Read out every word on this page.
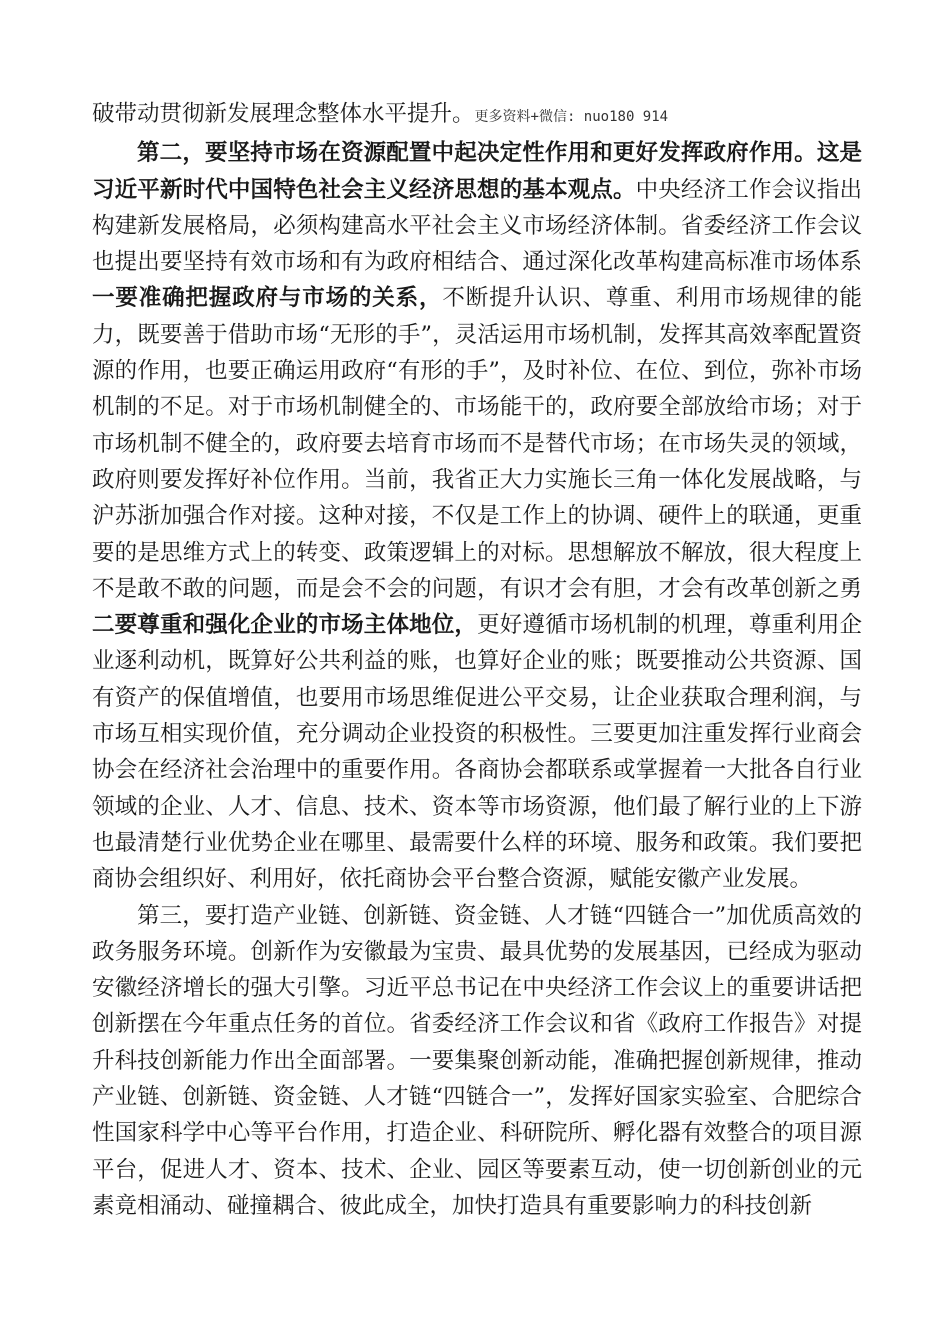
破带动贯彻新发展理念整体水平提升。更多资料+微信: nuo180 914

第二，要坚持市场在资源配置中起决定性作用和更好发挥政府作用。这是习近平新时代中国特色社会主义经济思想的基本观点。中央经济工作会议指出构建新发展格局，必须构建高水平社会主义市场经济体制。省委经济工作会议也提出要坚持有效市场和有为政府相结合、通过深化改革构建高标准市场体系一要准确把握政府与市场的关系，不断提升认识、尊重、利用市场规律的能力，既要善于借助市场“无形的手”，灵活运用市场机制，发挥其高效率配置资源的作用，也要正确运用政府“有形的手”，及时补位、在位、到位，弥补市场机制的不足。对于市场机制健全的、市场能干的，政府要全部放给市场；对于市场机制不健全的，政府要去培育市场而不是替代市场；在市场失灵的领域，政府则要发挥好补位作用。当前，我省正大力实施长三角一体化发展战略，与沪苏浙加强合作对接。这种对接，不仅是工作上的协调、硬件上的联通，更重要的是思维方式上的转变、政策逻辑上的对标。思想解放不解放，很大程度上不是敢不敢的问题，而是会不会的问题，有识才会有胆，才会有改革创新之勇二要尊重和强化企业的市场主体地位，更好遵循市场机制的机理，尊重利用企业逐利动机，既算好公共利益的账，也算好企业的账；既要推动公共资源、国有资产的保值增值，也要用市场思维促进公平交易，让企业获取合理利润，与市场互相实现价值，充分调动企业投资的积极性。三要更加注重发挥行业商会协会在经济社会治理中的重要作用。各商协会都联系或掌握着一大批各自行业领域的企业、人才、信息、技术、资本等市场资源，他们最了解行业的上下游也最清楚行业优势企业在哪里、最需要什么样的环境、服务和政策。我们要把商协会组织好、利用好，依托商协会平台整合资源，赋能安徽产业发展。

第三，要打造产业链、创新链、资金链、人才链“四链合一”加优质高效的政务服务环境。创新作为安徽最为宝贵、最具优势的发展基因，已经成为驱动安徽经济增长的强大引擎。习近平总书记在中央经济工作会议上的重要讲话把创新摆在今年重点任务的首位。省委经济工作会议和省《政府工作报告》对提升科技创新能力作出全面部署。一要集聚创新动能，准确把握创新规律，推动产业链、创新链、资金链、人才链“四链合一”，发挥好国家实验室、合肥综合性国家科学中心等平台作用，打造企业、科研院所、孵化器有效整合的项目源平台，促进人才、资本、技术、企业、园区等要素互动，使一切创新创业的元素竟相涌动、碰撞耦合、彼此成全，加快打造具有重要影响力的科技创新
